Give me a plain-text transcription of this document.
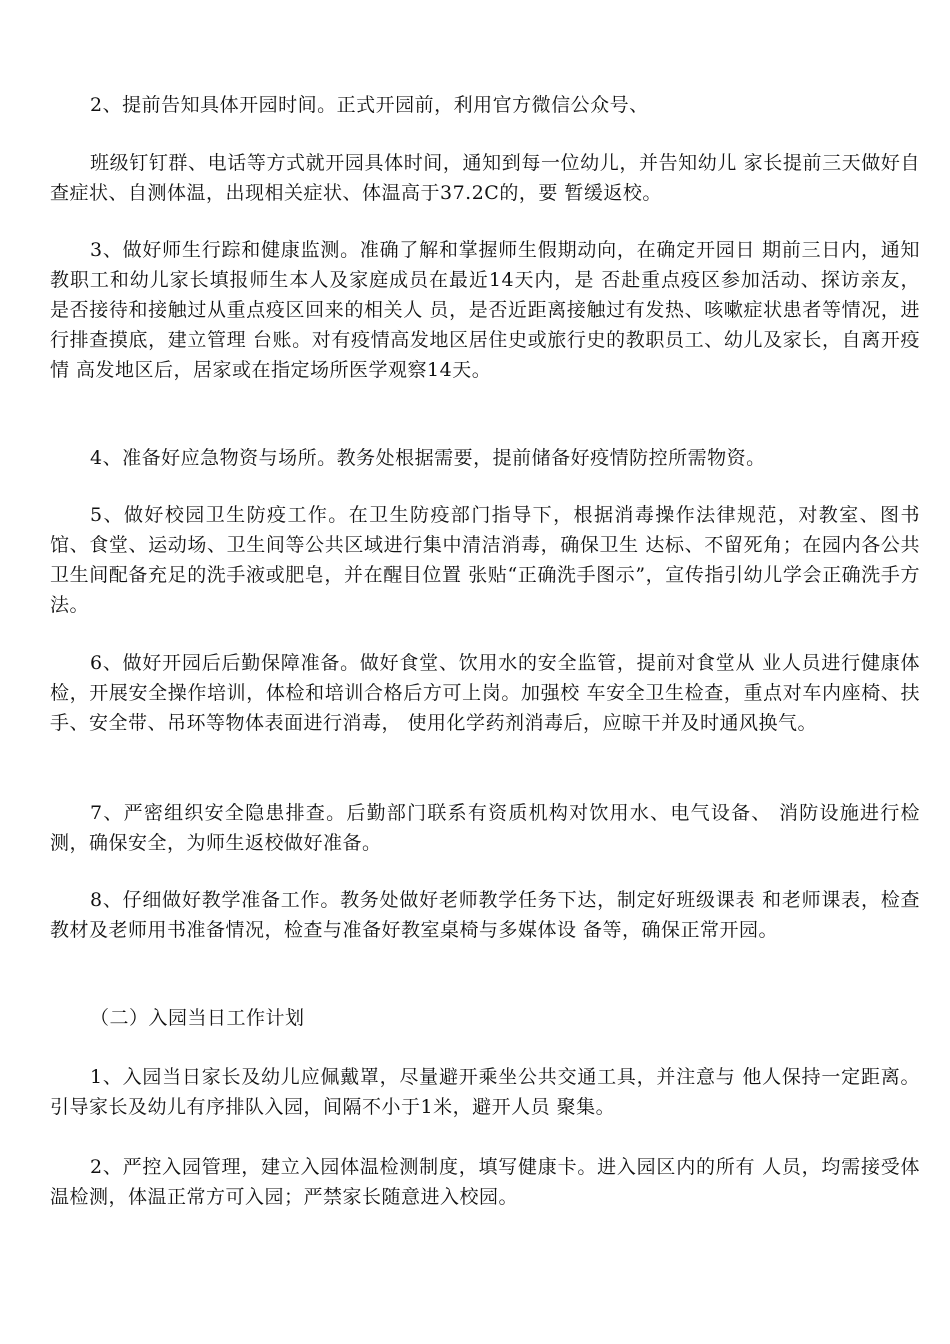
2、提前告知具体开园时间。正式开园前，利用官方微信公众号、

班级钉钉群、电话等方式就开园具体时间，通知到每一位幼儿，并告知幼儿 家长提前三天做好自查症状、自测体温，出现相关症状、体温高于37.2C的，要 暂缓返校。

3、做好师生行踪和健康监测。准确了解和掌握师生假期动向，在确定开园日 期前三日内，通知教职工和幼儿家长填报师生本人及家庭成员在最近14天内，是 否赴重点疫区参加活动、探访亲友，是否接待和接触过从重点疫区回来的相关人 员，是否近距离接触过有发热、咳嗽症状患者等情况，进行排查摸底，建立管理 台账。对有疫情高发地区居住史或旅行史的教职员工、幼儿及家长，自离开疫情 高发地区后，居家或在指定场所医学观察14天。

4、准备好应急物资与场所。教务处根据需要，提前储备好疫情防控所需物资。

5、做好校园卫生防疫工作。在卫生防疫部门指导下，根据消毒操作法律规范，对教室、图书馆、食堂、运动场、卫生间等公共区域进行集中清洁消毒，确保卫生 达标、不留死角；在园内各公共卫生间配备充足的洗手液或肥皂，并在醒目位置 张贴“正确洗手图示”，宣传指引幼儿学会正确洗手方法。

6、做好开园后后勤保障准备。做好食堂、饮用水的安全监管，提前对食堂从 业人员进行健康体检，开展安全操作培训，体检和培训合格后方可上岗。加强校 车安全卫生检查，重点对车内座椅、扶手、安全带、吊环等物体表面进行消毒， 使用化学药剂消毒后，应晾干并及时通风换气。

7、严密组织安全隐患排查。后勤部门联系有资质机构对饮用水、电气设备、 消防设施进行检测，确保安全，为师生返校做好准备。

8、仔细做好教学准备工作。教务处做好老师教学任务下达，制定好班级课表 和老师课表，检查教材及老师用书准备情况，检查与准备好教室桌椅与多媒体设 备等，确保正常开园。

（二）入园当日工作计划

1、入园当日家长及幼儿应佩戴罩，尽量避开乘坐公共交通工具，并注意与 他人保持一定距离。引导家长及幼儿有序排队入园，间隔不小于1米，避开人员 聚集。

2、严控入园管理，建立入园体温检测制度，填写健康卡。进入园区内的所有 人员，均需接受体温检测，体温正常方可入园；严禁家长随意进入校园。
